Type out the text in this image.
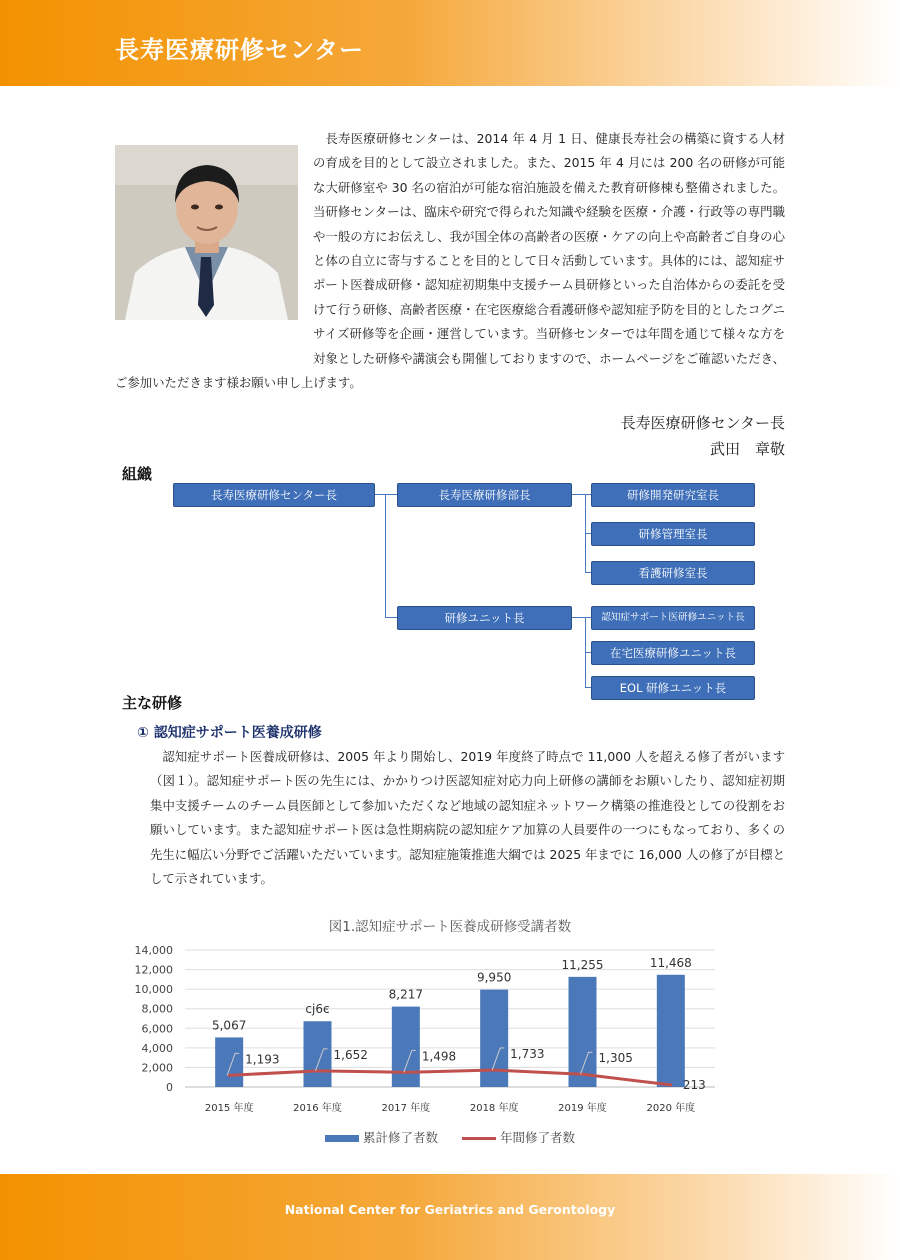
長寿医療研修センター

長寿医療研修センターは、2014 年 4 月 1 日、健康長寿社会の構築に資する人材の育成を目的として設立されました。また、2015 年 4 月には 200 名の研修が可能な大研修室や 30 名の宿泊が可能な宿泊施設を備えた教育研修棟も整備されました。当研修センターは、臨床や研究で得られた知識や経験を医療・介護・行政等の専門職や一般の方にお伝えし、我が国全体の高齢者の医療・ケアの向上や高齢者ご自身の心と体の自立に寄与することを目的として日々活動しています。具体的には、認知症サポート医養成研修・認知症初期集中支援チーム員研修といった自治体からの委託を受けて行う研修、高齢者医療・在宅医療総合看護研修や認知症予防を目的としたコグニサイズ研修等を企画・運営しています。当研修センターでは年間を通じて様々な方を対象とした研修や講演会も開催しておりますので、ホームページをご確認いただき、ご参加いただきます様お願い申し上げます。

長寿医療研修センター長
武田　章敬
組織
長寿医療研修センター長	長寿医療研修部長
研修ユニット長
研修開発研究室長
研修管理室長
看護研修室長
認知症サポート医研修ユニット長
在宅医療研修ユニット長
EOL 研修ユニット長
主な研修
① 認知症サポート医養成研修

認知症サポート医養成研修は、2005 年より開始し、2019 年度終了時点で 11,000 人を超える修了者がいます（図１）。認知症サポート医の先生には、かかりつけ医認知症対応力向上研修の講師をお願いしたり、認知症初期集中支援チームのチーム員医師として参加いただくなど地域の認知症ネットワーク構築の推進役としての役割をお願いしています。また認知症サポート医は急性期病院の認知症ケア加算の人員要件の一つにもなっており、多くの先生に幅広い分野でご活躍いただいています。認知症施策推進大綱では 2025 年までに 16,000 人の修了が目標として示されています。

図1.認知症サポート医養成研修受講者数
0
2,000
4,000
6,000
8,000
10,000
12,000
14,000
5,067
2015 年度
cj6є
2016 年度
8,217
2017 年度
9,950
2018 年度
11,255
2019 年度
11,468
2020 年度
1,193	1,652	1,498	1,733	1,305
213
累計修了者数	年間修了者数
National Center for Geriatrics and Gerontology
